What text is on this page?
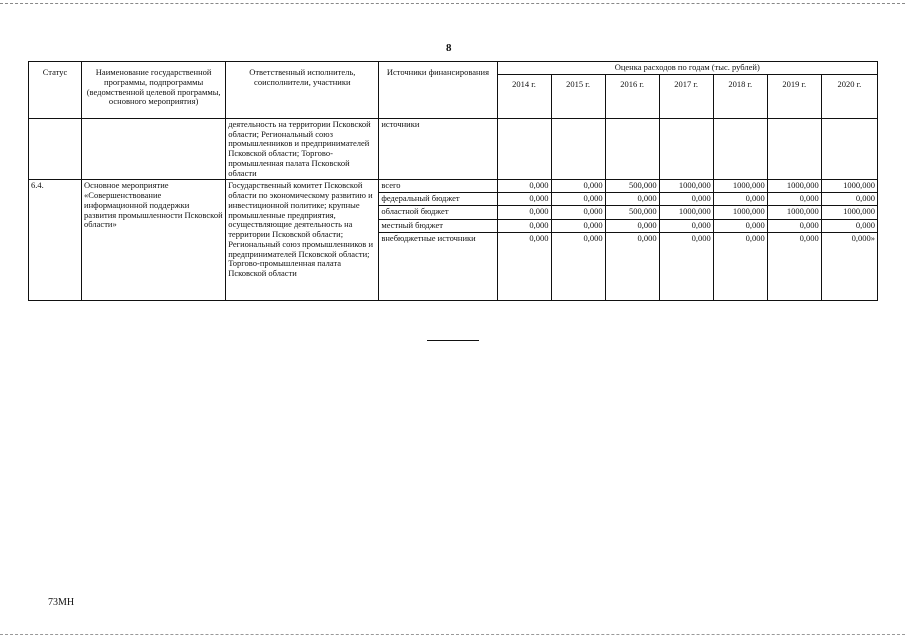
8
Статус	Наименование государственной программы, подпрограммы (ведомственной целевой программы, основного мероприятия)	Ответственный исполнитель, соисполнители, участники	Источники финансирования	Оценка расходов по годам (тыс. рублей)						
				2014 г.	2015 г.	2016 г.	2017 г.	2018 г.	2019 г.	2020 г.
		деятельность на территории Псковской области; Региональный союз промышленников и предпринимателей Псковской области; Торгово-промышленная палата Псковской области	источники							
6.4.	Основное мероприятие «Совершенствование информационной поддержки развития промышленности Псковской области»	Государственный комитет Псковской области по экономическому развитию и инвестиционной политике; крупные промышленные предприятия, осуществляющие деятельность на территории Псковской области; Региональный союз промышленников и предпринимателей Псковской области; Торгово-промышленная палата Псковской области	всего	0,000	0,000	500,000	1000,000	1000,000	1000,000	1000,000
			федеральный бюджет	0,000	0,000	0,000	0,000	0,000	0,000	0,000
			областной бюджет	0,000	0,000	500,000	1000,000	1000,000	1000,000	1000,000
			местный бюджет	0,000	0,000	0,000	0,000	0,000	0,000	0,000
			внебюджетные источники	0,000	0,000	0,000	0,000	0,000	0,000	0,000»
73МН
